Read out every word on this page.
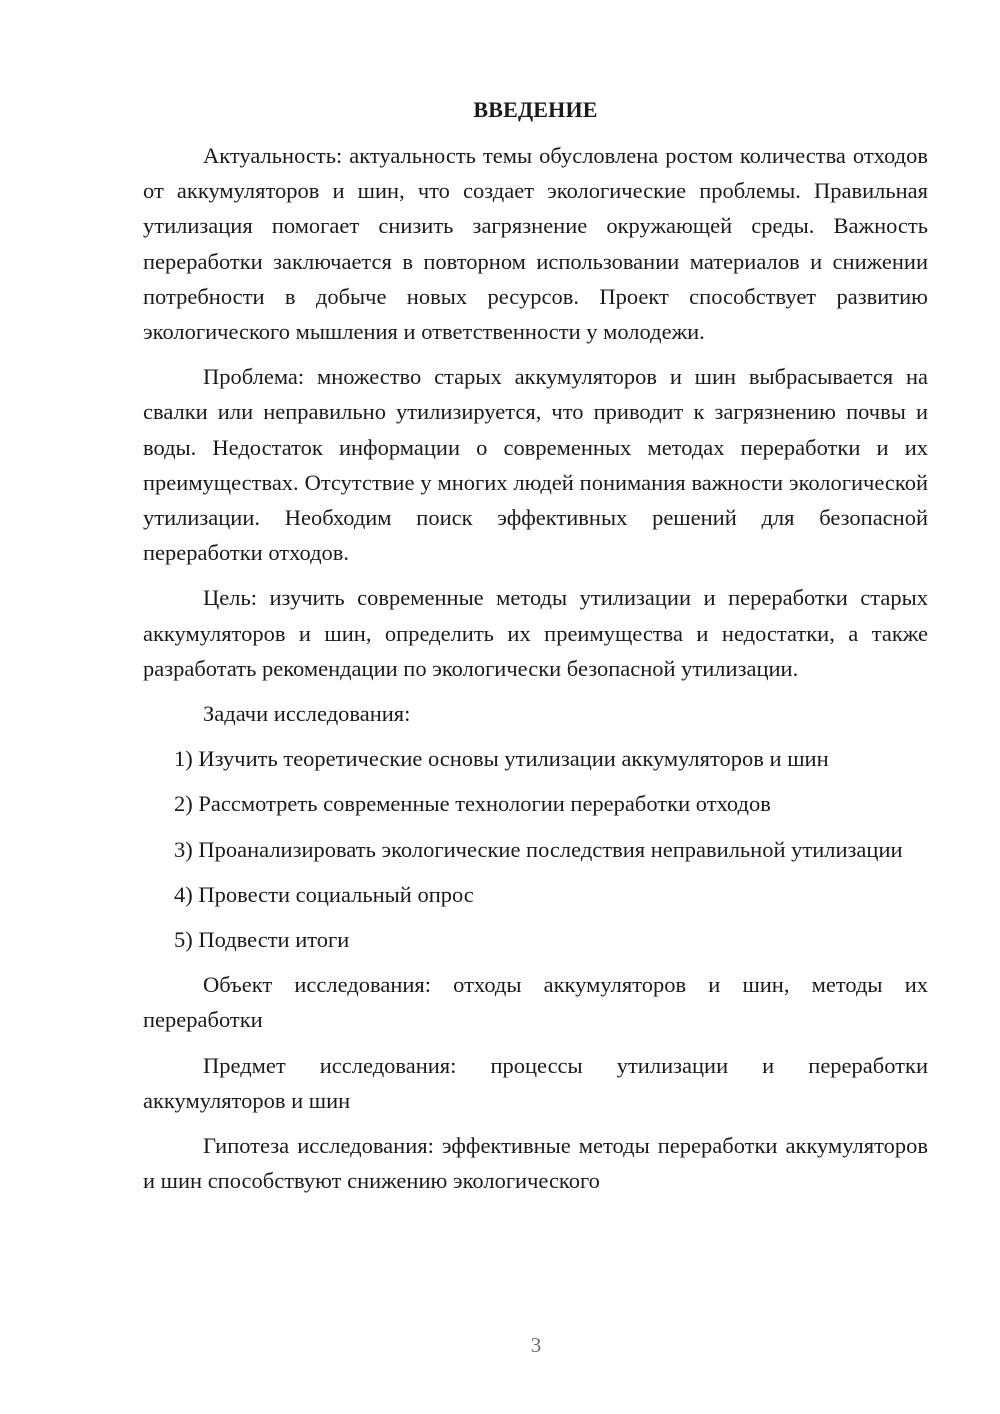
ВВЕДЕНИЕ

Актуальность: актуальность темы обусловлена ростом количества отходов от аккумуляторов и шин, что создает экологические проблемы. Правильная утилизация помогает снизить загрязнение окружающей среды. Важность переработки заключается в повторном использовании материалов и снижении потребности в добыче новых ресурсов. Проект способствует развитию экологического мышления и ответственности у молодежи.

Проблема: множество старых аккумуляторов и шин выбрасывается на свалки или неправильно утилизируется, что приводит к загрязнению почвы и воды. Недостаток информации о современных методах переработки и их преимуществах. Отсутствие у многих людей понимания важности экологической утилизации. Необходим поиск эффективных решений для безопасной переработки отходов.

Цель: изучить современные методы утилизации и переработки старых аккумуляторов и шин, определить их преимущества и недостатки, а также разработать рекомендации по экологически безопасной утилизации.

Задачи исследования:

1) Изучить теоретические основы утилизации аккумуляторов и шин

2) Рассмотреть современные технологии переработки отходов

3) Проанализировать экологические последствия неправильной утилизации

4) Провести социальный опрос

5) Подвести итоги

Объект исследования: отходы аккумуляторов и шин, методы их переработки

Предмет исследования: процессы утилизации и переработки аккумуляторов и шин

Гипотеза исследования: эффективные методы переработки аккумуляторов и шин способствуют снижению экологического

3
